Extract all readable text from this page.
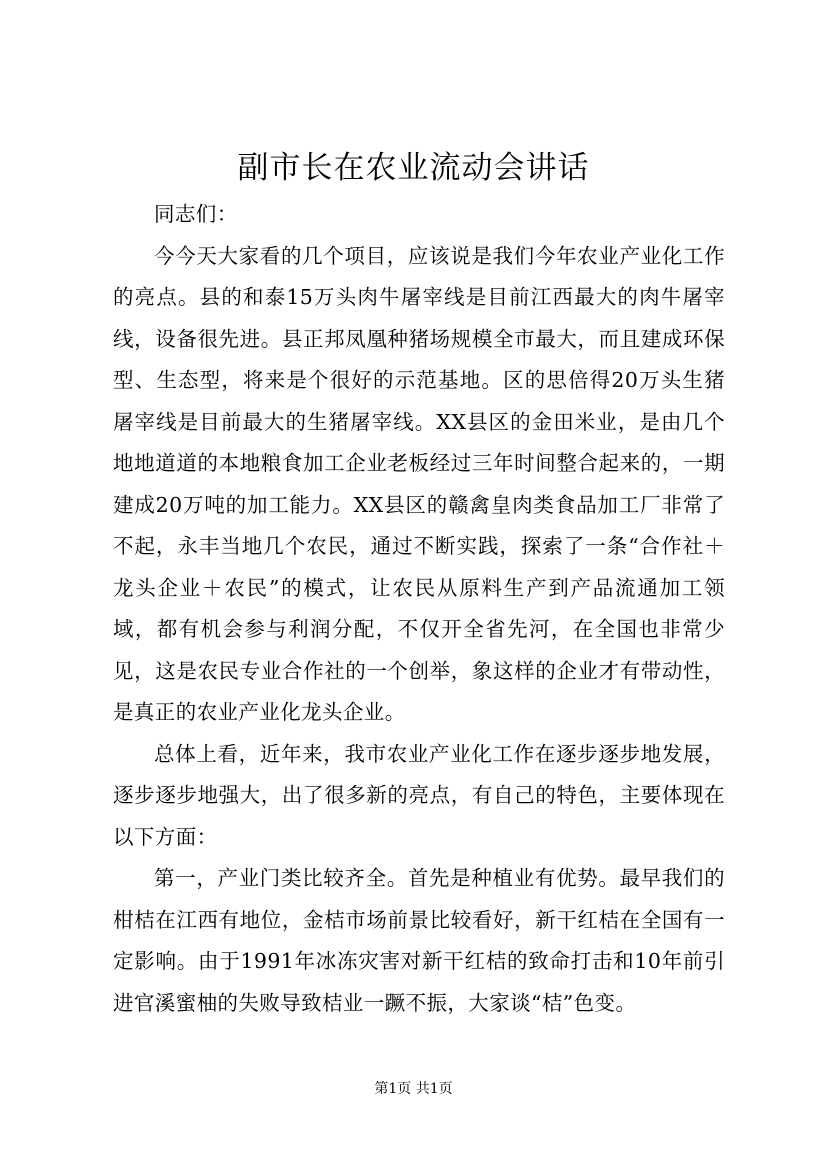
副市长在农业流动会讲话

同志们：

今今天大家看的几个项目，应该说是我们今年农业产业化工作的亮点。县的和泰15万头肉牛屠宰线是目前江西最大的肉牛屠宰线，设备很先进。县正邦凤凰种猪场规模全市最大，而且建成环保型、生态型，将来是个很好的示范基地。区的思倍得20万头生猪屠宰线是目前最大的生猪屠宰线。XX县区的金田米业，是由几个地地道道的本地粮食加工企业老板经过三年时间整合起来的，一期建成20万吨的加工能力。XX县区的赣禽皇肉类食品加工厂非常了不起，永丰当地几个农民，通过不断实践，探索了一条“合作社＋龙头企业＋农民”的模式，让农民从原料生产到产品流通加工领域，都有机会参与利润分配，不仅开全省先河，在全国也非常少见，这是农民专业合作社的一个创举，象这样的企业才有带动性，是真正的农业产业化龙头企业。

总体上看，近年来，我市农业产业化工作在逐步逐步地发展，逐步逐步地强大，出了很多新的亮点，有自己的特色，主要体现在以下方面：

第一，产业门类比较齐全。首先是种植业有优势。最早我们的柑桔在江西有地位，金桔市场前景比较看好，新干红桔在全国有一定影响。由于1991年冰冻灾害对新干红桔的致命打击和10年前引进官溪蜜柚的失败导致桔业一蹶不振，大家谈“桔”色变。

第1页 共1页
